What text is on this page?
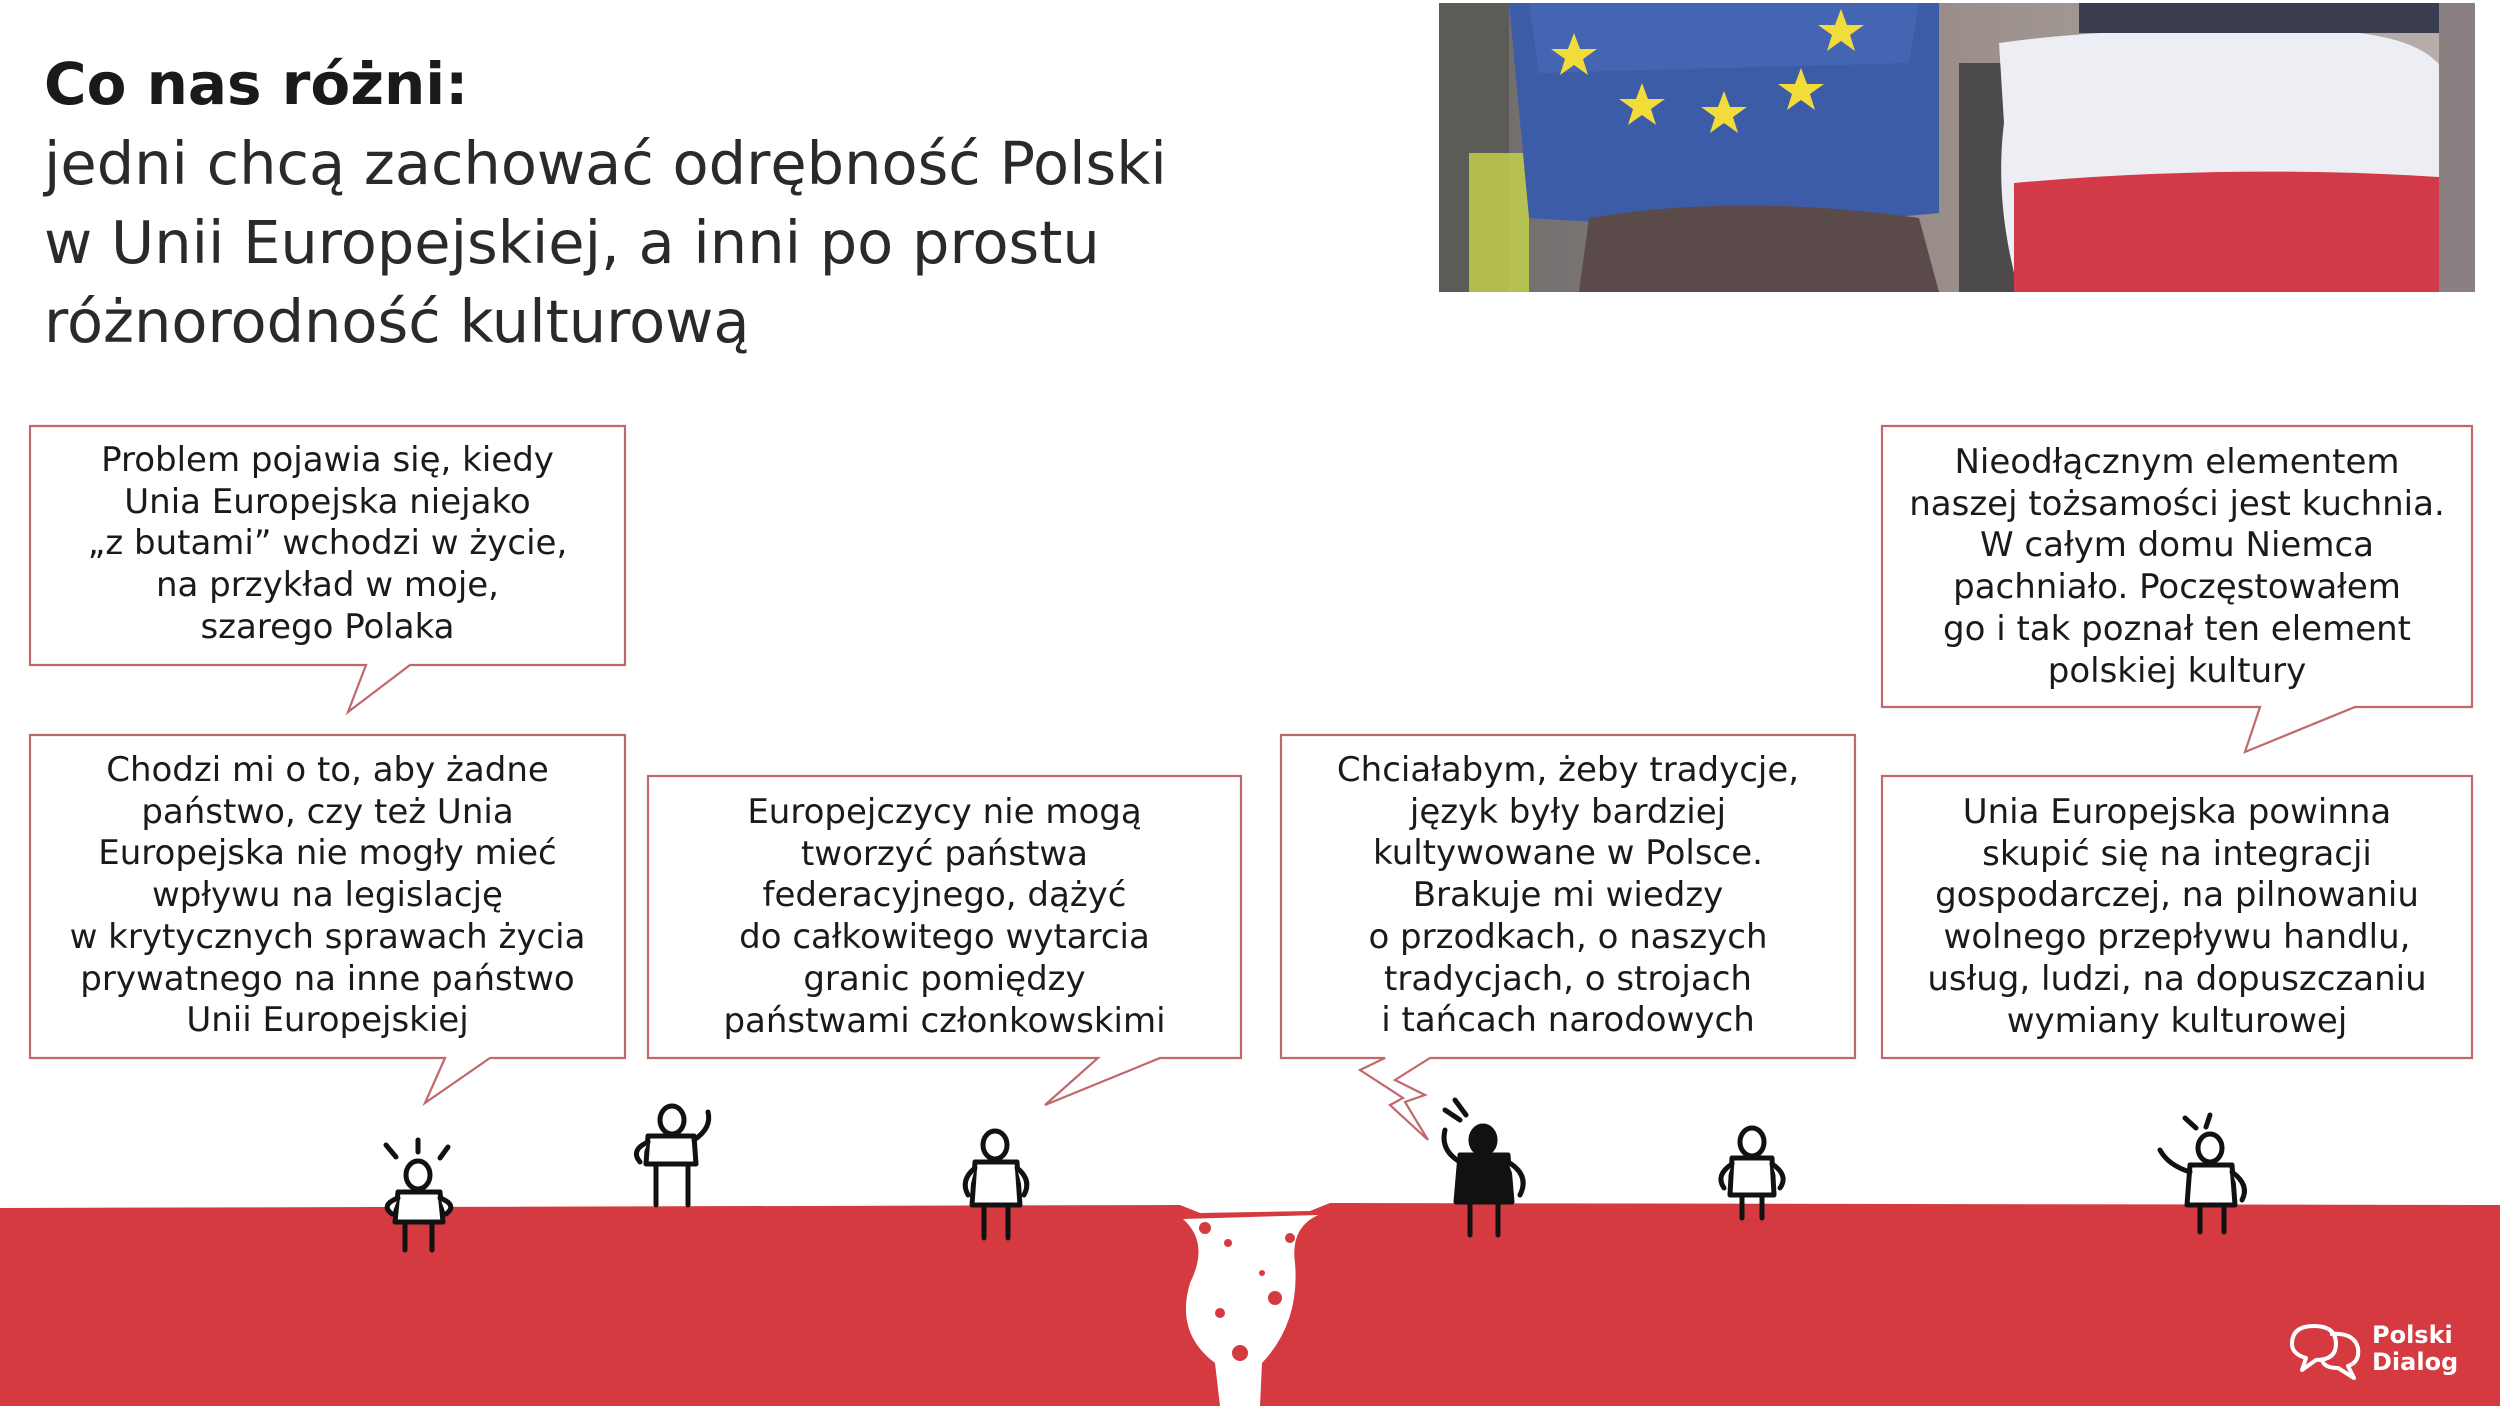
Co nas różni:

jedni chcą zachować odrębność Polski
w Unii Europejskiej, a inni po prostu
różnorodność kulturową

Problem pojawia się, kiedy
Unia Europejska niejako
„z butami” wchodzi w życie,
na przykład w moje,
szarego Polaka
Chodzi mi o to, aby żadne
państwo, czy też Unia
Europejska nie mogły mieć
wpływu na legislację
w krytycznych sprawach życia
prywatnego na inne państwo
Unii Europejskiej
Europejczycy nie mogą
tworzyć państwa
federacyjnego, dążyć
do całkowitego wytarcia
granic pomiędzy
państwami członkowskimi
Chciałabym, żeby tradycje,
język były bardziej
kultywowane w Polsce.
Brakuje mi wiedzy
o przodkach, o naszych
tradycjach, o strojach
i tańcach narodowych
Nieodłącznym elementem
naszej tożsamości jest kuchnia.
W całym domu Niemca
pachniało. Poczęstowałem
go i tak poznał ten element
polskiej kultury
Unia Europejska powinna
skupić się na integracji
gospodarczej, na pilnowaniu
wolnego przepływu handlu,
usług, ludzi, na dopuszczaniu
wymiany kulturowej
Polski
Dialog
